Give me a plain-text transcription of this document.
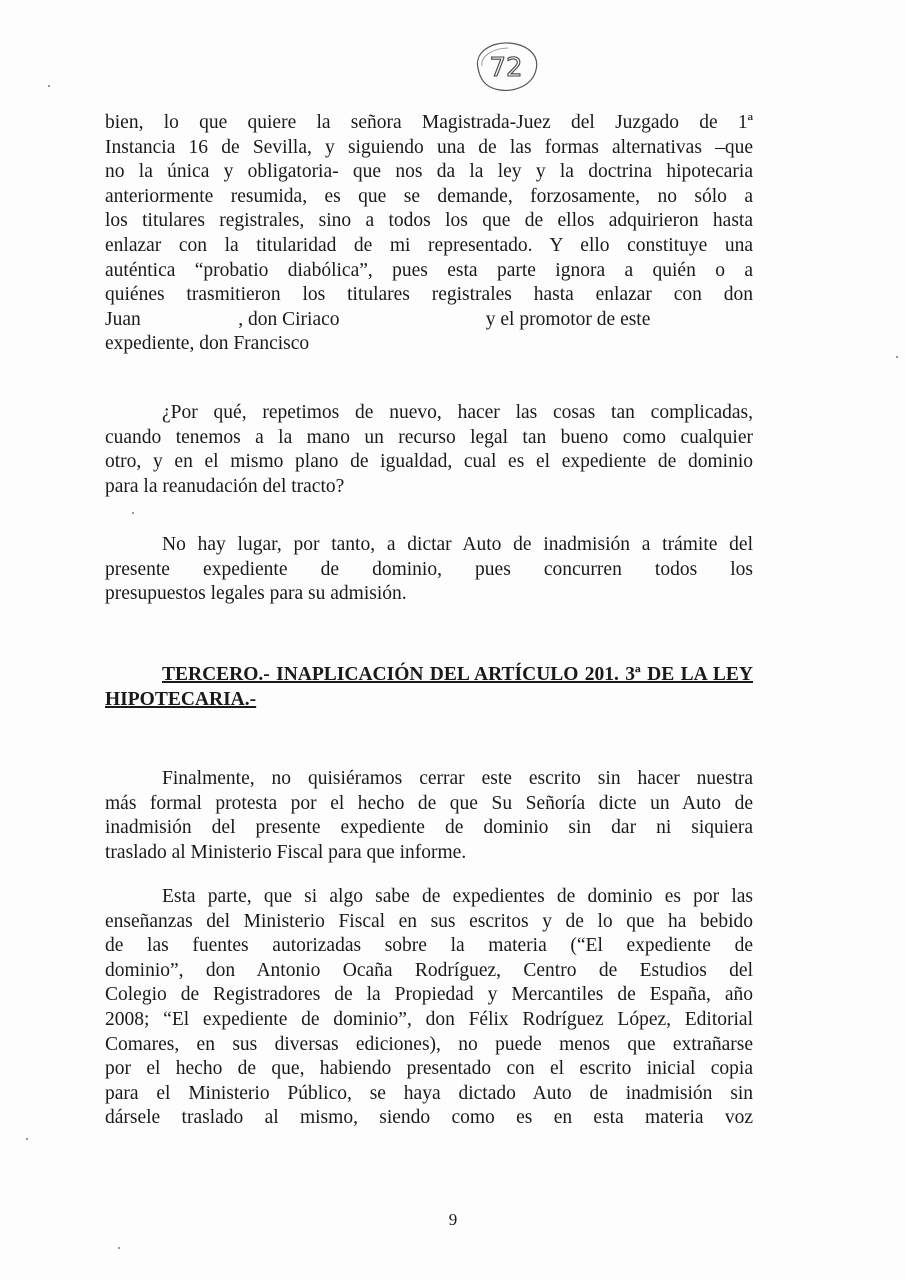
72
bien, lo que quiere la señora Magistrada-Juez del Juzgado de 1ª
Instancia 16 de Sevilla, y siguiendo una de las formas alternativas –que
no la única y obligatoria- que nos da la ley y la doctrina hipotecaria
anteriormente resumida, es que se demande, forzosamente, no sólo a
los titulares registrales, sino a todos los que de ellos adquirieron hasta
enlazar con la titularidad de mi representado. Y ello constituye una
auténtica “probatio diabólica”, pues esta parte ignora a quién o a
quiénes trasmitieron los titulares registrales hasta enlazar con don
Juan                    , don Ciriaco                              y el promotor de este
expediente, don Francisco
¿Por qué, repetimos de nuevo, hacer las cosas tan complicadas,
cuando tenemos a la mano un recurso legal tan bueno como cualquier
otro, y en el mismo plano de igualdad, cual es el expediente de dominio
para la reanudación del tracto?
No hay lugar, por tanto, a dictar Auto de inadmisión a trámite del
presente expediente de dominio, pues concurren todos los
presupuestos legales para su admisión.
TERCERO.- INAPLICACIÓN DEL ARTÍCULO 201. 3ª DE LA LEY
HIPOTECARIA.-
Finalmente, no quisiéramos cerrar este escrito sin hacer nuestra
más formal protesta por el hecho de que Su Señoría dicte un Auto de
inadmisión del presente expediente de dominio sin dar ni siquiera
traslado al Ministerio Fiscal para que informe.
Esta parte, que si algo sabe de expedientes de dominio es por las
enseñanzas del Ministerio Fiscal en sus escritos y de lo que ha bebido
de las fuentes autorizadas sobre la materia (“El expediente de
dominio”, don Antonio Ocaña Rodríguez, Centro de Estudios del
Colegio de Registradores de la Propiedad y Mercantiles de España, año
2008; “El expediente de dominio”, don Félix Rodríguez López, Editorial
Comares, en sus diversas ediciones), no puede menos que extrañarse
por el hecho de que, habiendo presentado con el escrito inicial copia
para el Ministerio Público, se haya dictado Auto de inadmisión sin
dársele traslado al mismo, siendo como es en esta materia voz
9
